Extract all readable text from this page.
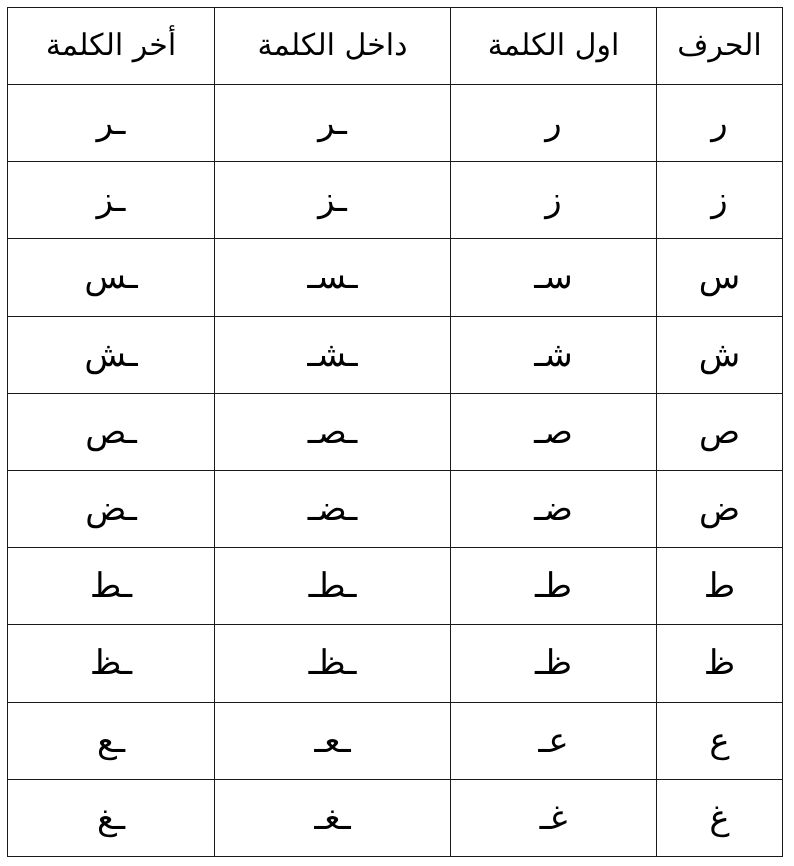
الحرف	اول الكلمة	داخل الكلمة	أخر الكلمة
ر	ر	ـر	ـر
ز	ز	ـز	ـز
س	سـ	ـسـ	ـس
ش	شـ	ـشـ	ـش
ص	صـ	ـصـ	ـص
ض	ضـ	ـضـ	ـض
ط	طـ	ـطـ	ـط
ظ	ظـ	ـظـ	ـظ
ع	عـ	ـعـ	ـع
غ	غـ	ـغـ	ـغ
